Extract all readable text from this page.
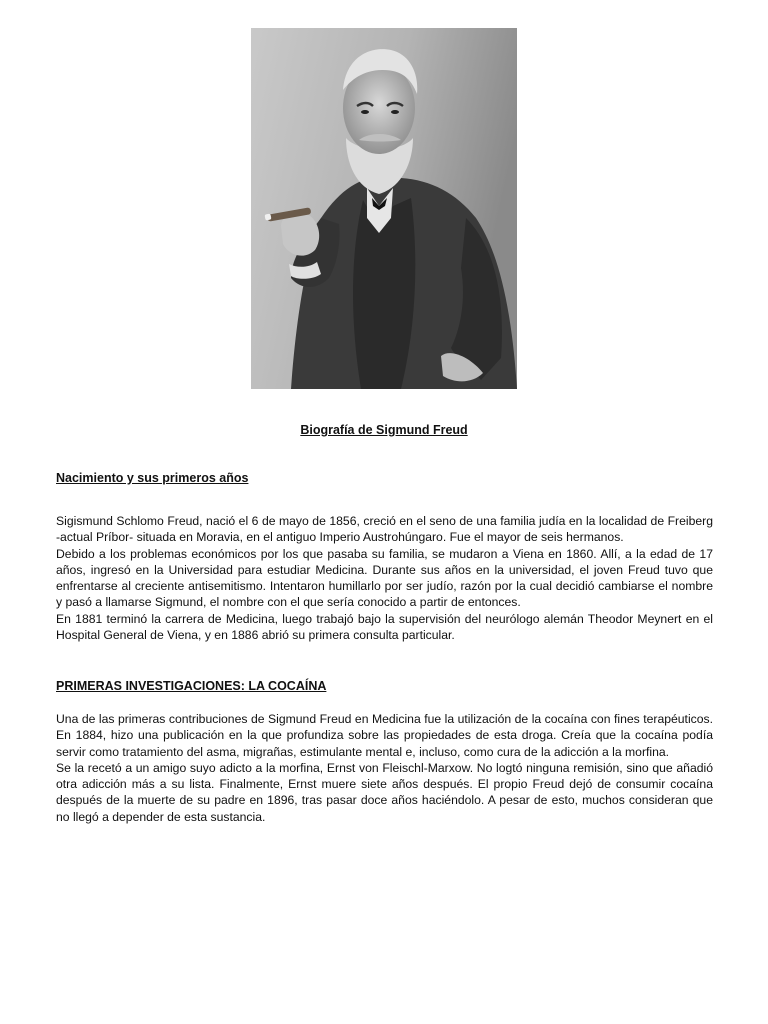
Biografía de Sigmund Freud
Nacimiento y sus primeros años

Sigismund Schlomo Freud, nació el 6 de mayo de 1856, creció en el seno de una familia judía en la localidad de Freiberg -actual Príbor- situada en Moravia, en el antiguo Imperio Austrohúngaro. Fue el mayor de seis hermanos.

Debido a los problemas económicos por los que pasaba su familia, se mudaron a Viena en 1860. Allí, a la edad de 17 años, ingresó en la Universidad para estudiar Medicina. Durante sus años en la universidad, el joven Freud tuvo que enfrentarse al creciente antisemitismo. Intentaron humillarlo por ser judío, razón por la cual decidió cambiarse el nombre y pasó a llamarse Sigmund, el nombre con el que sería conocido a partir de entonces.

En 1881 terminó la carrera de Medicina, luego trabajó bajo la supervisión del neurólogo alemán Theodor Meynert en el Hospital General de Viena, y en 1886 abrió su primera consulta particular.

PRIMERAS INVESTIGACIONES: LA COCAÍNA

Una de las primeras contribuciones de Sigmund Freud en Medicina fue la utilización de la cocaína con fines terapéuticos. En 1884, hizo una publicación en la que profundiza sobre las propiedades de esta droga. Creía que la cocaína podía servir como tratamiento del asma, migrañas, estimulante mental e, incluso, como cura de la adicción a la morfina.

Se la recetó a un amigo suyo adicto a la morfina, Ernst von Fleischl-Marxow. No logtó ninguna remisión, sino que añadió otra adicción más a su lista. Finalmente, Ernst muere siete años después. El propio Freud dejó de consumir cocaína después de la muerte de su padre en 1896, tras pasar doce años haciéndolo. A pesar de esto, muchos consideran que no llegó a depender de esta sustancia.
